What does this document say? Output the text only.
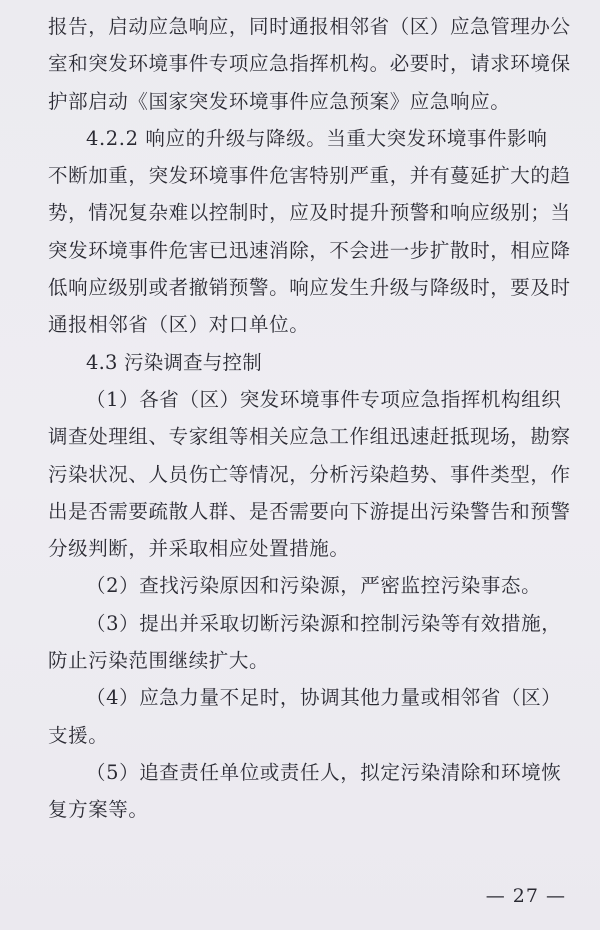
报告，启动应急响应，同时通报相邻省（区）应急管理办公
室和突发环境事件专项应急指挥机构。必要时，请求环境保
护部启动《国家突发环境事件应急预案》应急响应。
4.2.2 响应的升级与降级。当重大突发环境事件影响
不断加重，突发环境事件危害特别严重，并有蔓延扩大的趋
势，情况复杂难以控制时，应及时提升预警和响应级别；当
突发环境事件危害已迅速消除，不会进一步扩散时，相应降
低响应级别或者撤销预警。响应发生升级与降级时，要及时
通报相邻省（区）对口单位。
4.3 污染调查与控制
（1）各省（区）突发环境事件专项应急指挥机构组织
调查处理组、专家组等相关应急工作组迅速赶抵现场，勘察
污染状况、人员伤亡等情况，分析污染趋势、事件类型，作
出是否需要疏散人群、是否需要向下游提出污染警告和预警
分级判断，并采取相应处置措施。
（2）查找污染原因和污染源，严密监控污染事态。
（3）提出并采取切断污染源和控制污染等有效措施，
防止污染范围继续扩大。
（4）应急力量不足时，协调其他力量或相邻省（区）
支援。
（5）追查责任单位或责任人，拟定污染清除和环境恢
复方案等。
— 27 —
